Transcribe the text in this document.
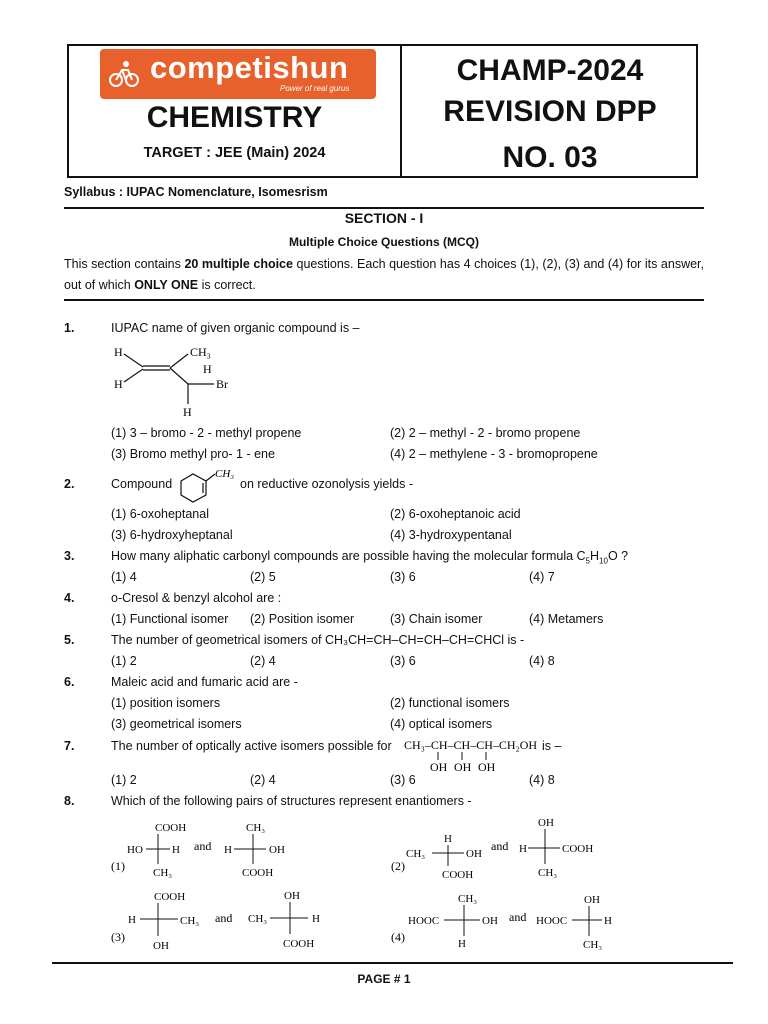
competishun
Power of real gurus
CHEMISTRY
TARGET : JEE (Main) 2024
CHAMP-2024
REVISION DPP
NO. 03
Syllabus : IUPAC Nomenclature, Isomesrism
SECTION - I
Multiple Choice Questions (MCQ)
This section contains 20 multiple choice questions. Each question has 4 choices (1), (2), (3) and (4) for its answer, out of which ONLY ONE is correct.
1.	IUPAC name of given organic compound is –
H
H
CH₃
H
Br
H
(1) 3 – bromo - 2 - methyl propene	(2) 2 – methyl - 2 - bromo propene
(3) Bromo methyl pro- 1 - ene	(4) 2 – methylene - 3 - bromopropene
2.	Compound
CH₃
on reductive ozonolysis yields -
(1) 6-oxoheptanal	(2) 6-oxoheptanoic acid
(3) 6-hydroxyheptanal	(4) 3-hydroxypentanal
3.	How many aliphatic carbonyl compounds are possible having the molecular formula $C_5H_{10}O$ ?
(1) 4	(2) 5	(3) 6	(4) 7
4.	o-Cresol & benzyl alcohol are :
(1) Functional isomer (2) Position isomer	(3) Chain isomer	(4) Metamers
5.	The number of geometrical isomers of CH₃CH=CH–CH=CH–CH=CHCl is -
(1) 2	(2) 4	(3) 6	(4) 8
6.	Maleic acid and fumaric acid are -
(1) position isomers	(2) functional isomers
(3) geometrical isomers	(4) optical isomers
7.	The number of optically active isomers possible for CH₃–CH–CH–CH–CH₂OH
OH OH OH
is –
(1) 2	(2) 4	(3) 6	(4) 8
8.	Which of the following pairs of structures represent enantiomers -
(1)
COOH
HO	H
CH₃
and
CH₃
H	OH
COOH	(2)
H
CH₃	OH
COOH
and
OH
H	COOH
CH₃
(3)
COOH
H	CH₃
OH
and
OH
CH₃	H
COOH	(4)
CH₃
HOOC	OH
H
and
OH
HOOC	H
CH₃
PAGE # 1
